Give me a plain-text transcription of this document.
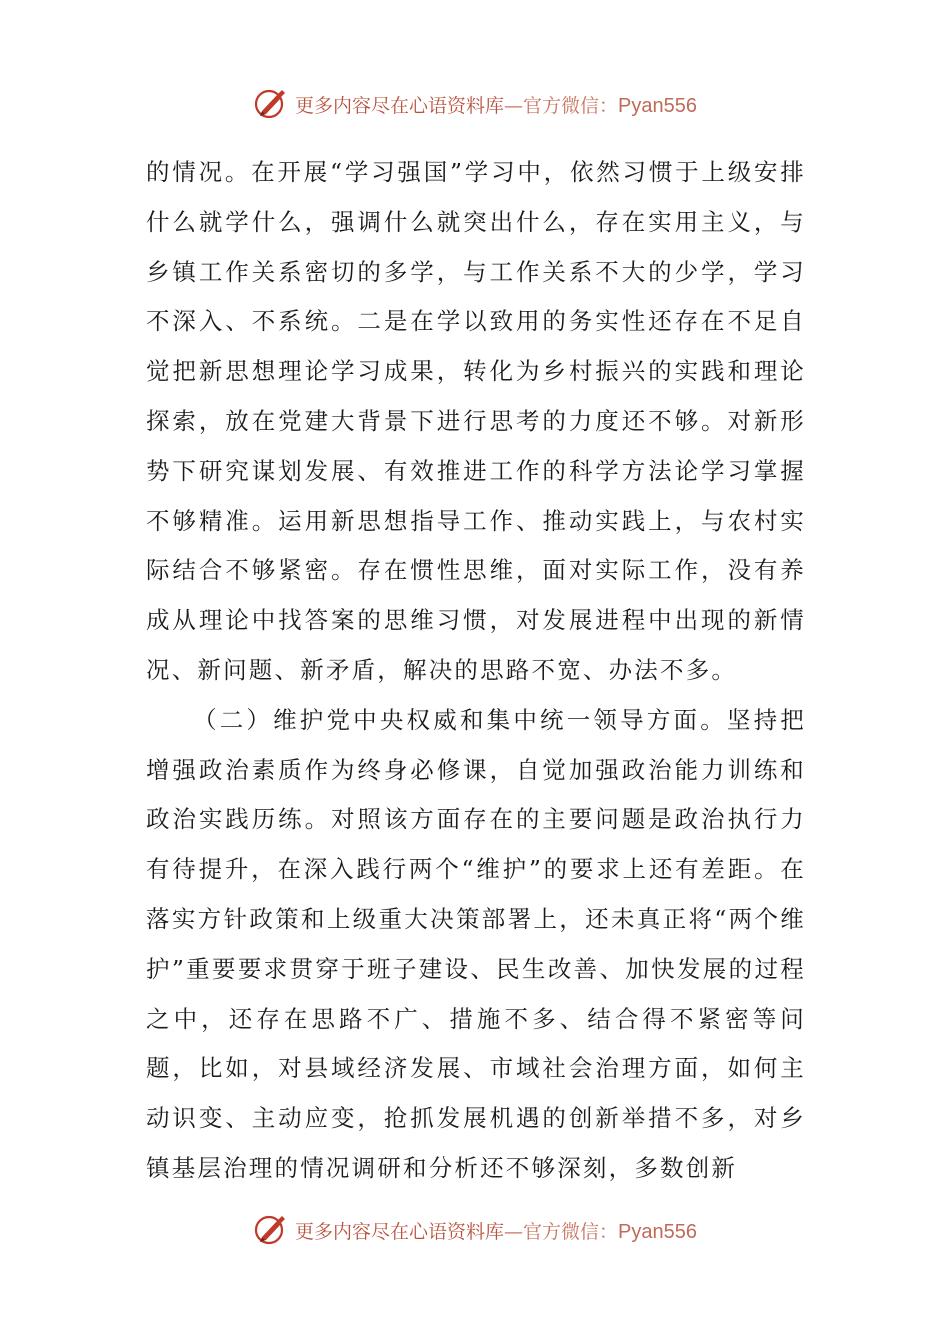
更多内容尽在心语资料库—官方微信：Pyan556

的情况。在开展“学习强国”学习中，依然习惯于上级安排什么就学什么，强调什么就突出什么，存在实用主义，与乡镇工作关系密切的多学，与工作关系不大的少学，学习不深入、不系统。二是在学以致用的务实性还存在不足自觉把新思想理论学习成果，转化为乡村振兴的实践和理论探索，放在党建大背景下进行思考的力度还不够。对新形势下研究谋划发展、有效推进工作的科学方法论学习掌握不够精准。运用新思想指导工作、推动实践上，与农村实际结合不够紧密。存在惯性思维，面对实际工作，没有养成从理论中找答案的思维习惯，对发展进程中出现的新情况、新问题、新矛盾，解决的思路不宽、办法不多。

（二）维护党中央权威和集中统一领导方面。坚持把增强政治素质作为终身必修课，自觉加强政治能力训练和政治实践历练。对照该方面存在的主要问题是政治执行力有待提升，在深入践行两个“维护”的要求上还有差距。在落实方针政策和上级重大决策部署上，还未真正将“两个维护”重要要求贯穿于班子建设、民生改善、加快发展的过程之中，还存在思路不广、措施不多、结合得不紧密等问题，比如，对县域经济发展、市域社会治理方面，如何主动识变、主动应变，抢抓发展机遇的创新举措不多，对乡镇基层治理的情况调研和分析还不够深刻，多数创新

更多内容尽在心语资料库—官方微信：Pyan556
